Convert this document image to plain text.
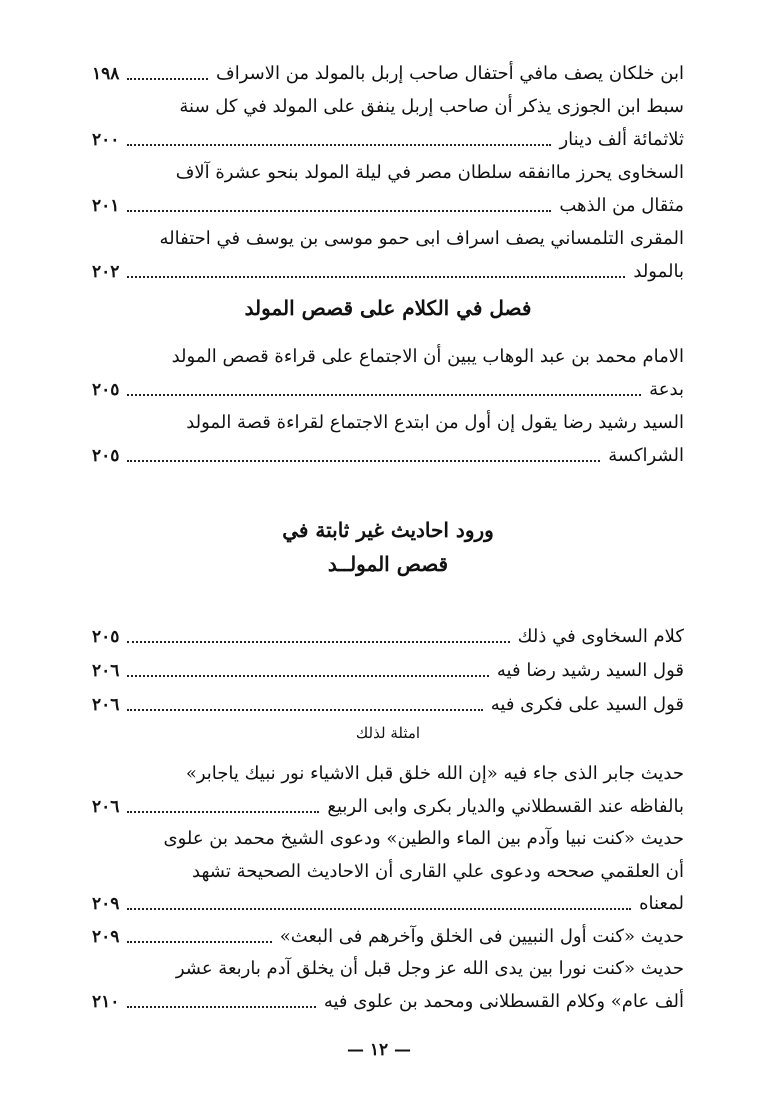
ابن خلكان يصف مافي أحتفال صاحب إربل بالمولد من الاسراف
١٩٨
سبط ابن الجوزى يذكر أن صاحب إربل ينفق على المولد في كل سنة
ثلاثمائة ألف دينار
٢٠٠
السخاوى يحرز ماانفقه سلطان مصر في ليلة المولد بنحو عشرة آلاف
مثقال من الذهب
٢٠١
المقرى التلمساني يصف اسراف ابى حمو موسى بن يوسف في احتفاله
بالمولد
٢٠٢
الامام محمد بن عبد الوهاب يبين أن الاجتماع على قراءة قصص المولد
بدعة
٢٠٥
السيد رشيد رضا يقول إن أول من ابتدع الاجتماع لقراءة قصة المولد
الشراكسة
٢٠٥
كلام السخاوى في ذلك
٢٠٥
قول السيد رشيد رضا فيه
٢٠٦
قول السيد على فكرى فيه
٢٠٦
حديث جابر الذى جاء فيه «إن الله خلق قبل الاشياء نور نبيك ياجابر»
بالفاظه عند القسطلاني والديار بكرى وابى الربيع
٢٠٦
حديث «كنت نبيا وآدم بين الماء والطين» ودعوى الشيخ محمد بن علوى
أن العلقمي صححه ودعوى علي القارى أن الاحاديث الصحيحة تشهد
لمعناه
٢٠٩
حديث «كنت أول النبيين فى الخلق وآخرهم فى البعث»
٢٠٩
حديث «كنت نورا بين يدى الله عز وجل قبل أن يخلق آدم باربعة عشر
ألف عام» وكلام القسطلانى ومحمد بن علوى فيه
٢١٠
فصل في الكلام على قصص المولد
ورود احاديث غير ثابتة في
قصص المولــد
امثلة لذلك
— ١٢ —
